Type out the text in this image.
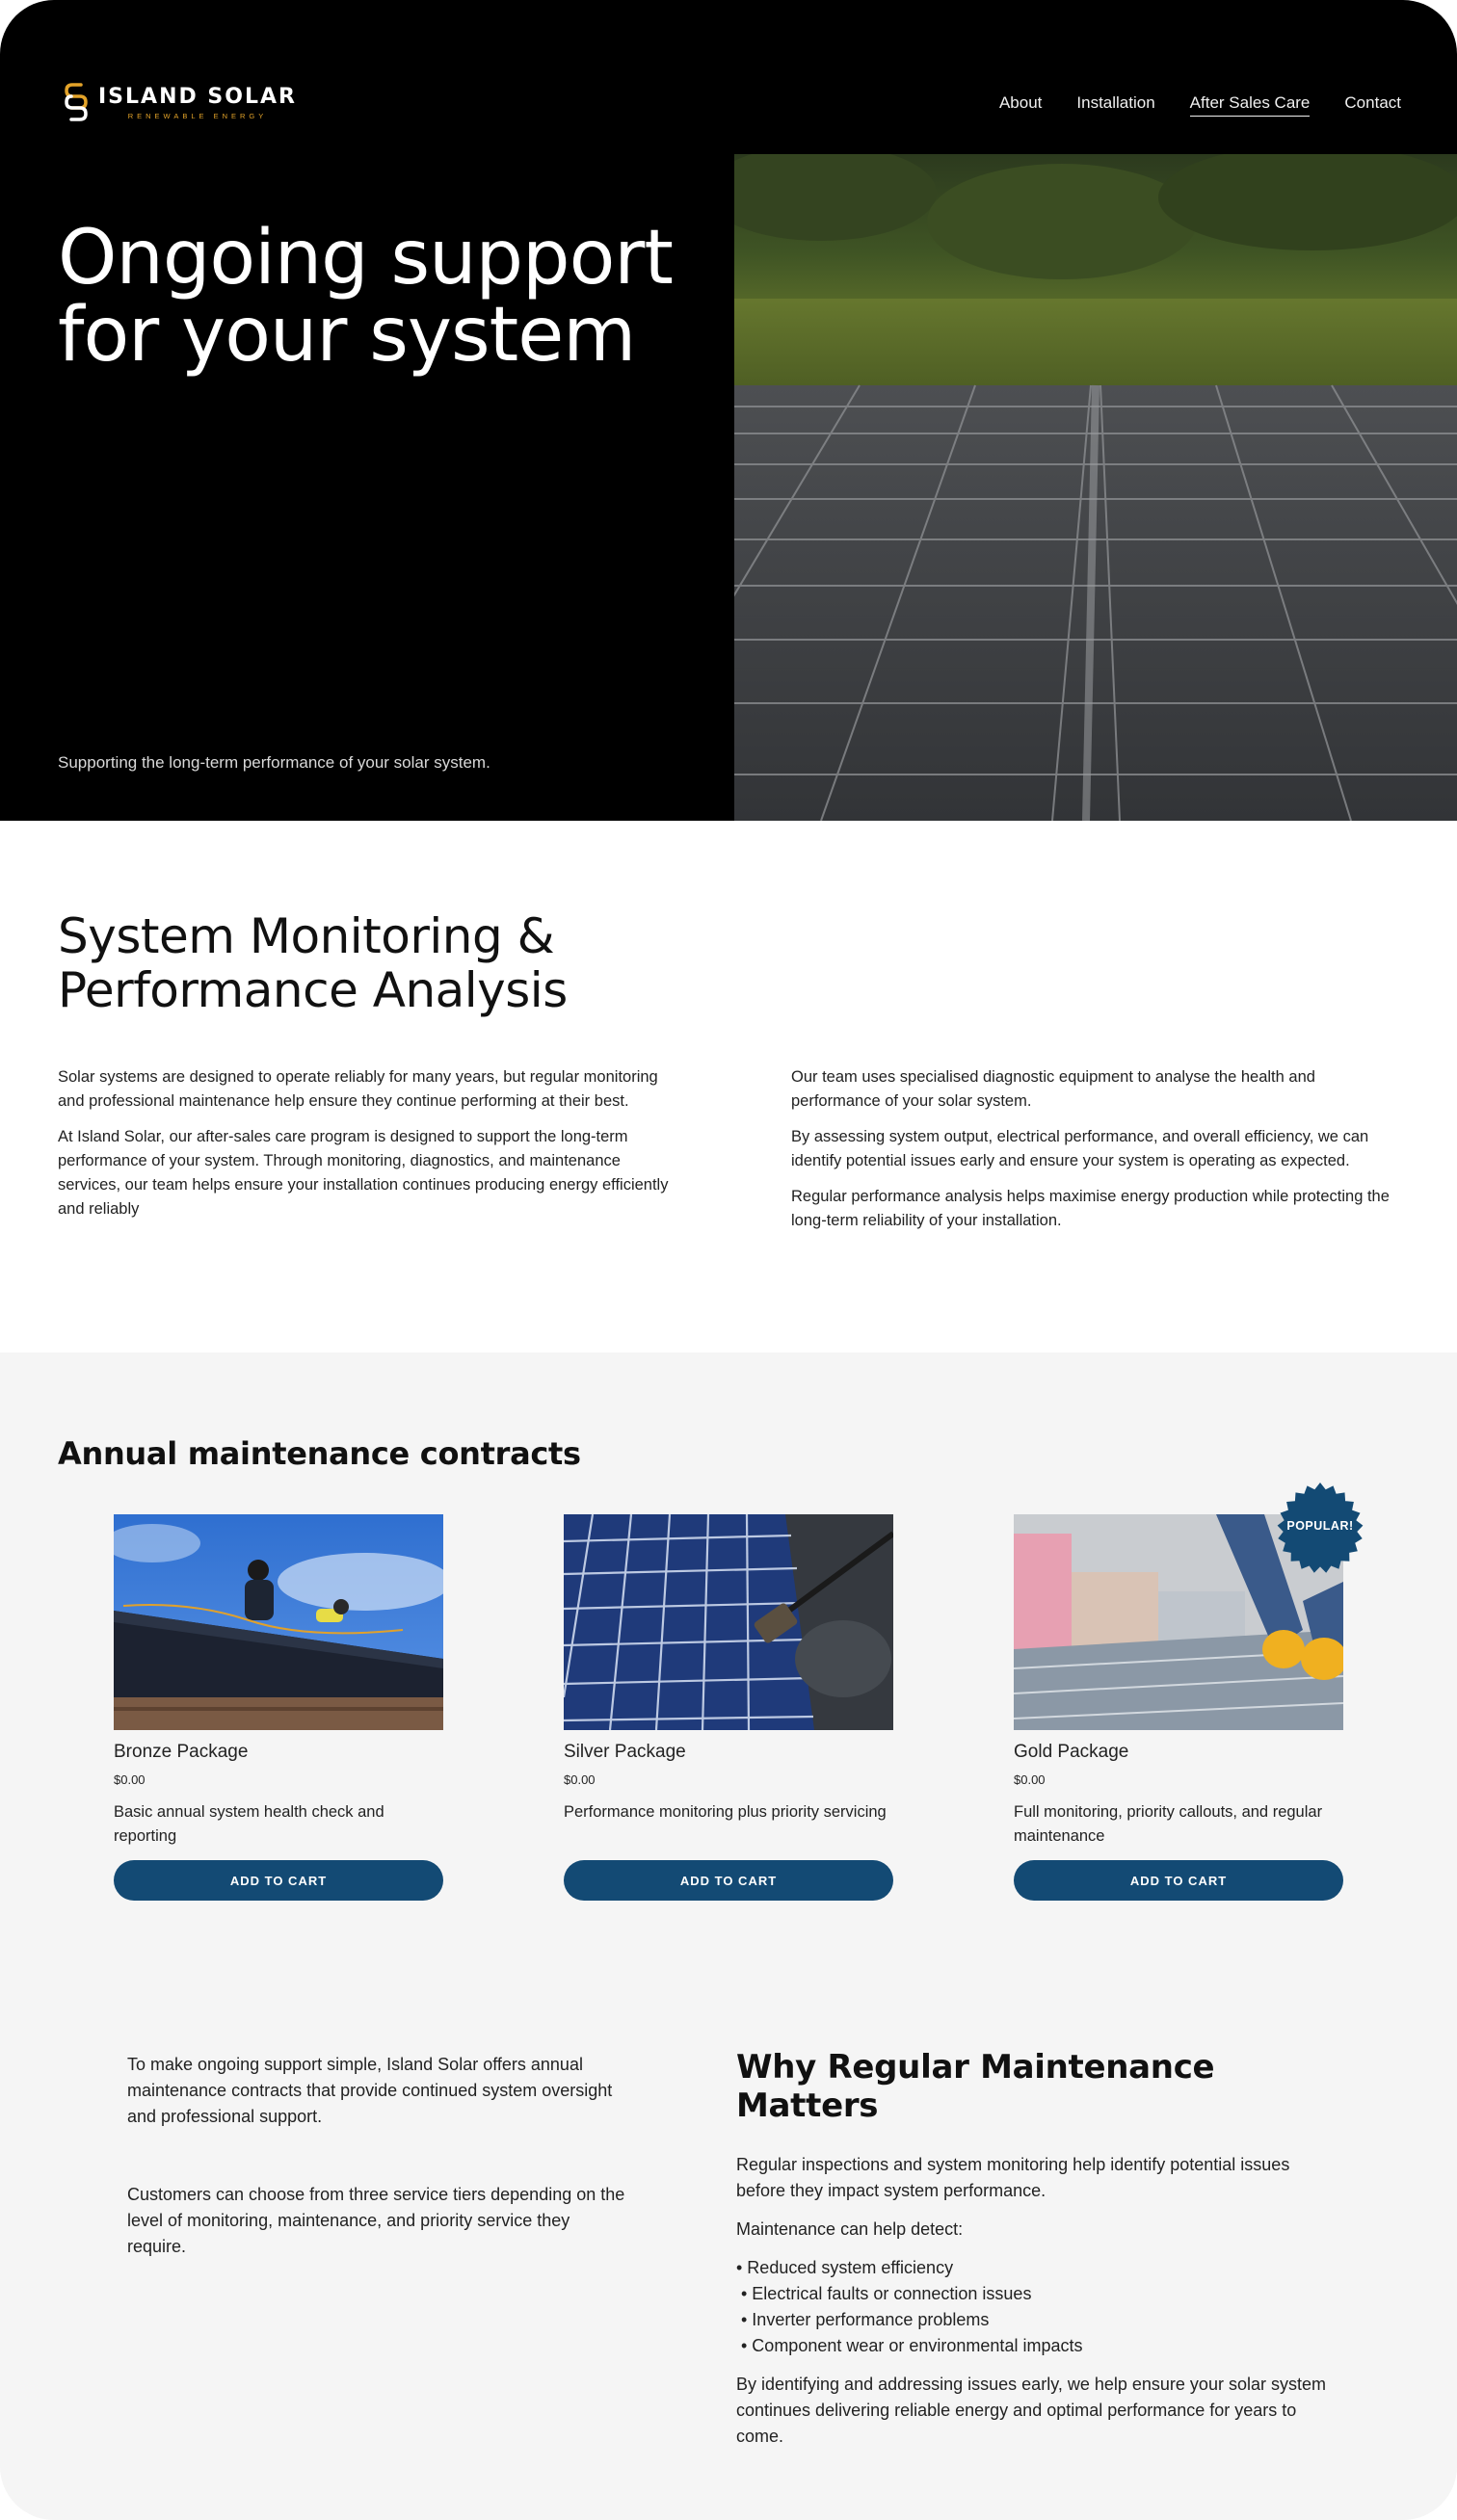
ISLAND SOLAR
RENEWABLE ENERGY
About Installation After Sales Care Contact
Ongoing support for your system

Supporting the long-term performance of your solar system.

System Monitoring & Performance Analysis

Solar systems are designed to operate reliably for many years, but regular monitoring and professional maintenance help ensure they continue performing at their best.

At Island Solar, our after-sales care program is designed to support the long-term performance of your system. Through monitoring, diagnostics, and maintenance services, our team helps ensure your installation continues producing energy efficiently and reliably

Our team uses specialised diagnostic equipment to analyse the health and performance of your solar system.

By assessing system output, electrical performance, and overall efficiency, we can identify potential issues early and ensure your system is operating as expected.

Regular performance analysis helps maximise energy production while protecting the long-term reliability of your installation.

Annual maintenance contracts
Bronze Package
$0.00
Basic annual system health check and reporting
ADD TO CART
Silver Package
$0.00
Performance monitoring plus priority servicing
ADD TO CART
Gold Package
$0.00
Full monitoring, priority callouts, and regular maintenance
ADD TO CART
POPULAR!

To make ongoing support simple, Island Solar offers annual maintenance contracts that provide continued system oversight and professional support.

Customers can choose from three service tiers depending on the level of monitoring, maintenance, and priority service they require.

Why Regular Maintenance Matters

Regular inspections and system monitoring help identify potential issues before they impact system performance.

Maintenance can help detect:

• Reduced system efficiency
• Electrical faults or connection issues
• Inverter performance problems
• Component wear or environmental impacts

By identifying and addressing issues early, we help ensure your solar system continues delivering reliable energy and optimal performance for years to come.
